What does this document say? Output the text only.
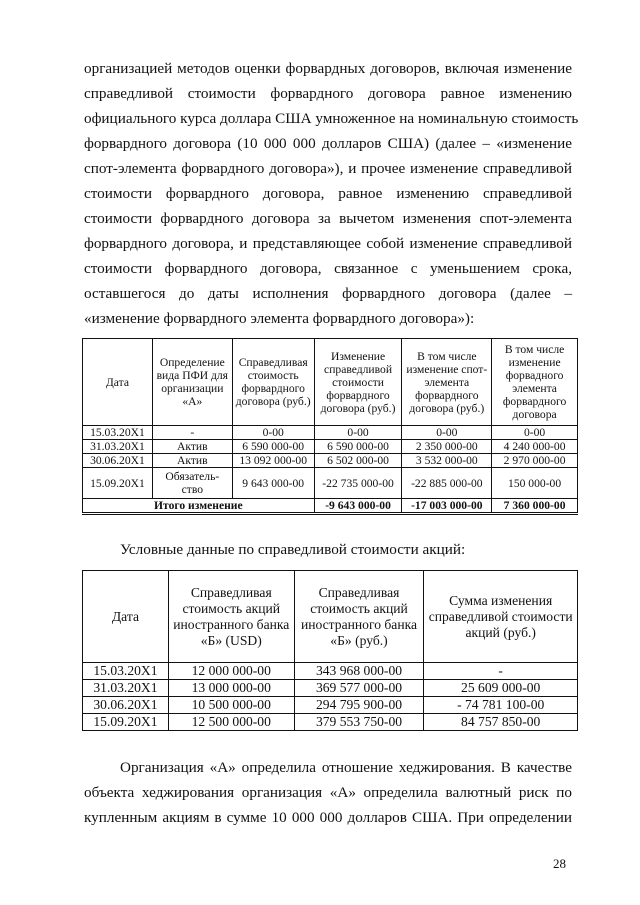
организацией методов оценки форвардных договоров, включая изменение
справедливой стоимости форвардного договора равное изменению
официального курса доллара США умноженное на номинальную стоимость
форвардного договора (10 000 000 долларов США) (далее – «изменение
спот-элемента форвардного договора»), и прочее изменение справедливой
стоимости форвардного договора, равное изменению справедливой
стоимости форвардного договора за вычетом изменения спот-элемента
форвардного договора, и представляющее собой изменение справедливой
стоимости форвардного договора, связанное с уменьшением срока,
оставшегося до даты исполнения форвардного договора (далее –
«изменение форвардного элемента форвардного договора»):
Дата	Определение вида ПФИ для организации «А»	Справедливая стоимость форвардного договора (руб.)	Изменение справедливой стоимости форвардного договора (руб.)	В том числе изменение спот-элемента форвардного договора (руб.)	В том числе изменение форвадного элемента форвардного договора
15.03.20X1	-	0-00	0-00	0-00	0-00
31.03.20X1	Актив	6 590 000-00	6 590 000-00	2 350 000-00	4 240 000-00
30.06.20X1	Актив	13 092 000-00	6 502 000-00	3 532 000-00	2 970 000-00
15.09.20X1	Обязатель-ство	9 643 000-00	-22 735 000-00	-22 885 000-00	150 000-00
Итого изменение			-9 643 000-00	-17 003 000-00	7 360 000-00
Условные данные по справедливой стоимости акций:
Дата	Справедливая стоимость акций иностранного банка «Б» (USD)	Справедливая стоимость акций иностранного банка «Б» (руб.)	Сумма изменения справедливой стоимости акций (руб.)
15.03.20X1	12 000 000-00	343 968 000-00	-
31.03.20X1	13 000 000-00	369 577 000-00	25 609 000-00
30.06.20X1	10 500 000-00	294 795 900-00	- 74 781 100-00
15.09.20X1	12 500 000-00	379 553 750-00	84 757 850-00
Организация «А» определила отношение хеджирования. В качестве
объекта хеджирования организация «А» определила валютный риск по
купленным акциям в сумме 10 000 000 долларов США. При определении
28
